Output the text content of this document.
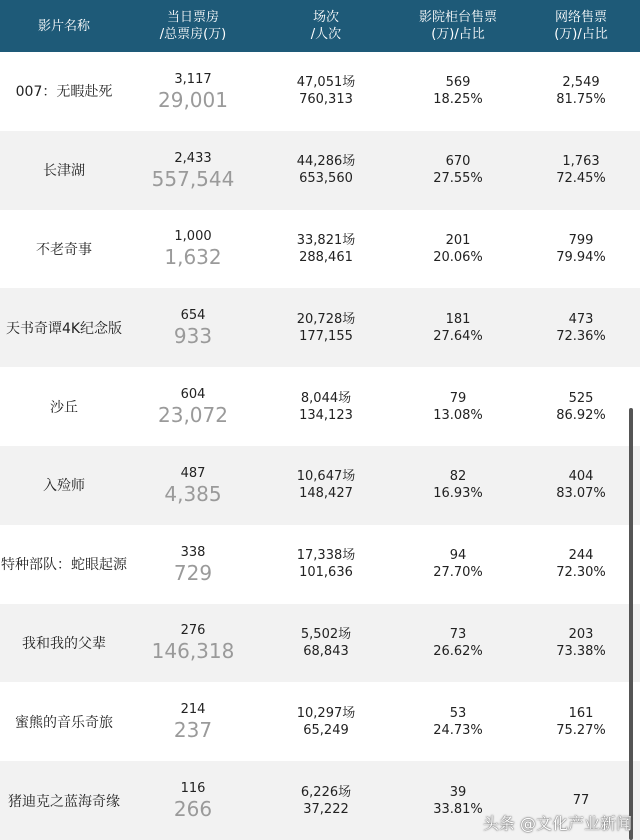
影片名称
当日票房
/总票房(万)
场次
/人次
影院柜台售票
(万)/占比
网络售票
(万)/占比
007：无暇赴死
3,117
29,001
47,051场
760,313
569
18.25%
2,549
81.75%
长津湖
2,433
557,544
44,286场
653,560
670
27.55%
1,763
72.45%
不老奇事
1,000
1,632
33,821场
288,461
201
20.06%
799
79.94%
天书奇谭4K纪念版
654
933
20,728场
177,155
181
27.64%
473
72.36%
沙丘
604
23,072
8,044场
134,123
79
13.08%
525
86.92%
入殓师
487
4,385
10,647场
148,427
82
16.93%
404
83.07%
特种部队：蛇眼起源
338
729
17,338场
101,636
94
27.70%
244
72.30%
我和我的父辈
276
146,318
5,502场
68,843
73
26.62%
203
73.38%
蜜熊的音乐奇旅
214
237
10,297场
65,249
53
24.73%
161
75.27%
猪迪克之蓝海奇缘
116
266
6,226场
37,222
39
33.81%
77
头条 @文化产业新闻
